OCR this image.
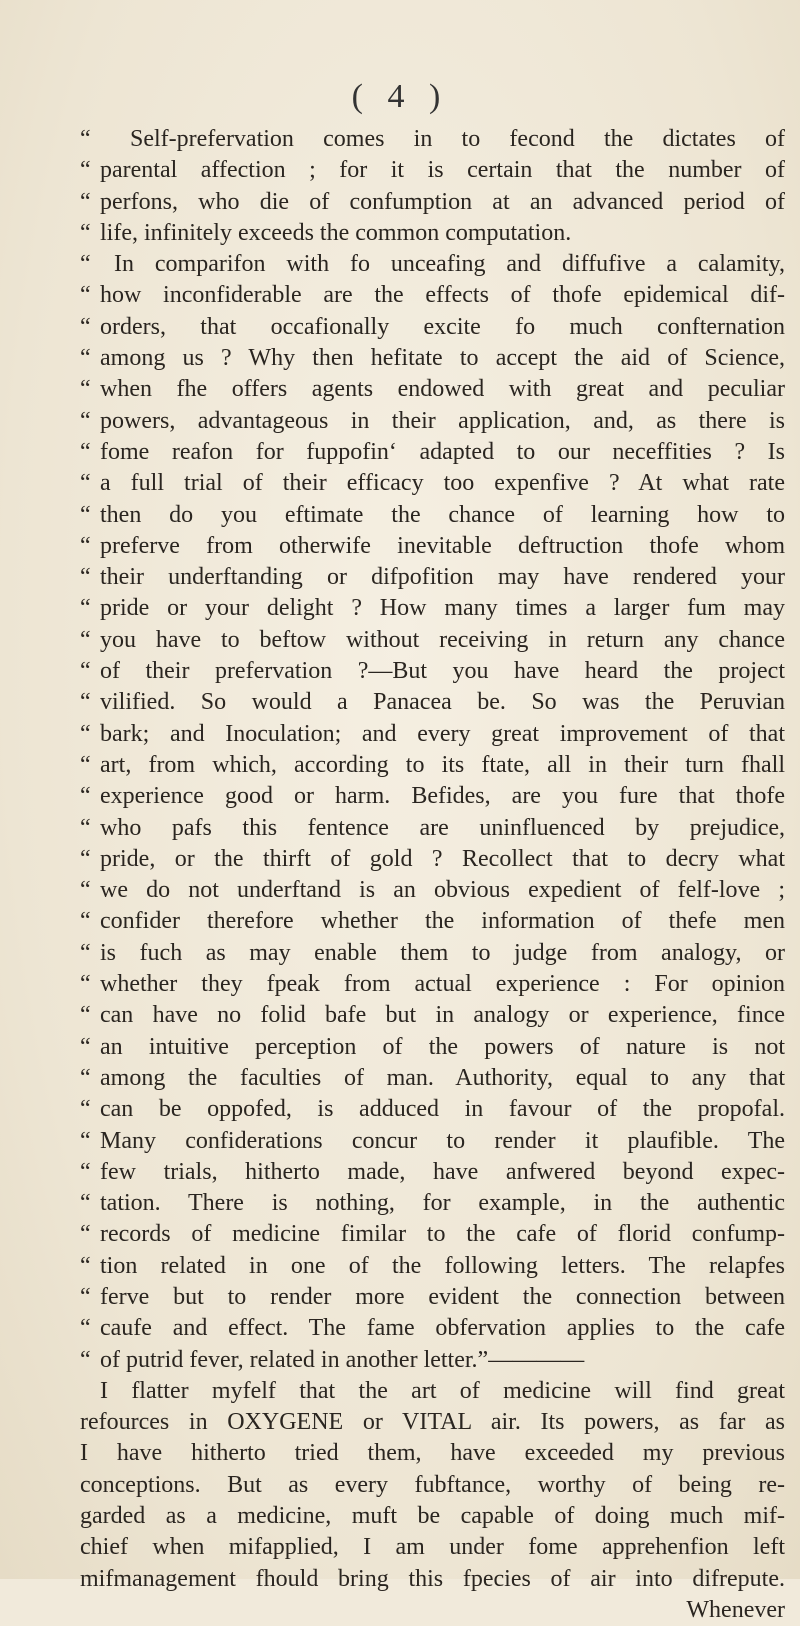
( 4 )
“ Self-prefervation comes in to fecond the dictates of
“ parental affection ; for it is certain that the number of
“ perfons, who die of confumption at an advanced period of
“ life, infinitely exceeds the common computation.
“ In comparifon with fo unceafing and diffufive a calamity,
“ how inconfiderable are the effects of thofe epidemical dif-
“ orders, that occafionally excite fo much confternation
“ among us ? Why then hefitate to accept the aid of Science,
“ when fhe offers agents endowed with great and peculiar
“ powers, advantageous in their application, and, as there is
“ fome reafon for fuppofin‘ adapted to our neceffities ? Is
“ a full trial of their efficacy too expenfive ? At what rate
“ then do you eftimate the chance of learning how to
“ preferve from otherwife inevitable deftruction thofe whom
“ their underftanding or difpofition may have rendered your
“ pride or your delight ? How many times a larger fum may
“ you have to beftow without receiving in return any chance
“ of their prefervation ?—But you have heard the project
“ vilified. So would a Panacea be. So was the Peruvian
“ bark; and Inoculation; and every great improvement of that
“ art, from which, according to its ftate, all in their turn fhall
“ experience good or harm. Befides, are you fure that thofe
“ who pafs this fentence are uninfluenced by prejudice,
“ pride, or the thirft of gold ? Recollect that to decry what
“ we do not underftand is an obvious expedient of felf-love ;
“ confider therefore whether the information of thefe men
“ is fuch as may enable them to judge from analogy, or
“ whether they fpeak from actual experience : For opinion
“ can have no folid bafe but in analogy or experience, fince
“ an intuitive perception of the powers of nature is not
“ among the faculties of man. Authority, equal to any that
“ can be oppofed, is adduced in favour of the propofal.
“ Many confiderations concur to render it plaufible. The
“ few trials, hitherto made, have anfwered beyond expec-
“ tation. There is nothing, for example, in the authentic
“ records of medicine fimilar to the cafe of florid confump-
“ tion related in one of the following letters. The relapfes
“ ferve but to render more evident the connection between
“ caufe and effect. The fame obfervation applies to the cafe
“ of putrid fever, related in another letter.”————
I flatter myfelf that the art of medicine will find great
refources in OXYGENE or VITAL air. Its powers, as far as
I have hitherto tried them, have exceeded my previous
conceptions. But as every fubftance, worthy of being re-
garded as a medicine, muft be capable of doing much mif-
chief when mifapplied, I am under fome apprehenfion left
mifmanagement fhould bring this fpecies of air into difrepute.
Whenever
